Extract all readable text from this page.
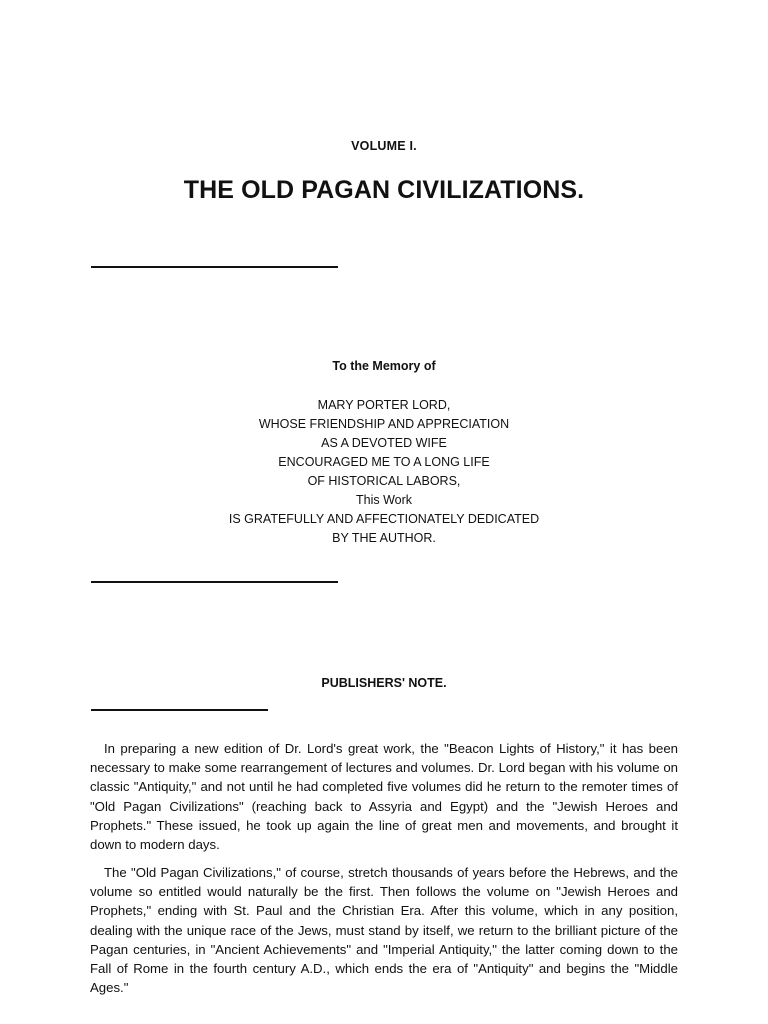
VOLUME I.
THE OLD PAGAN CIVILIZATIONS.
To the Memory of
MARY PORTER LORD,
WHOSE FRIENDSHIP AND APPRECIATION
AS A DEVOTED WIFE
ENCOURAGED ME TO A LONG LIFE
OF HISTORICAL LABORS,
This Work
IS GRATEFULLY AND AFFECTIONATELY DEDICATED
BY THE AUTHOR.
PUBLISHERS' NOTE.

In preparing a new edition of Dr. Lord's great work, the "Beacon Lights of History," it has been necessary to make some rearrangement of lectures and volumes. Dr. Lord began with his volume on classic "Antiquity," and not until he had completed five volumes did he return to the remoter times of "Old Pagan Civilizations" (reaching back to Assyria and Egypt) and the "Jewish Heroes and Prophets." These issued, he took up again the line of great men and movements, and brought it down to modern days.

The "Old Pagan Civilizations," of course, stretch thousands of years before the Hebrews, and the volume so entitled would naturally be the first. Then follows the volume on "Jewish Heroes and Prophets," ending with St. Paul and the Christian Era. After this volume, which in any position, dealing with the unique race of the Jews, must stand by itself, we return to the brilliant picture of the Pagan centuries, in "Ancient Achievements" and "Imperial Antiquity," the latter coming down to the Fall of Rome in the fourth century A.D., which ends the era of "Antiquity" and begins the "Middle Ages."
